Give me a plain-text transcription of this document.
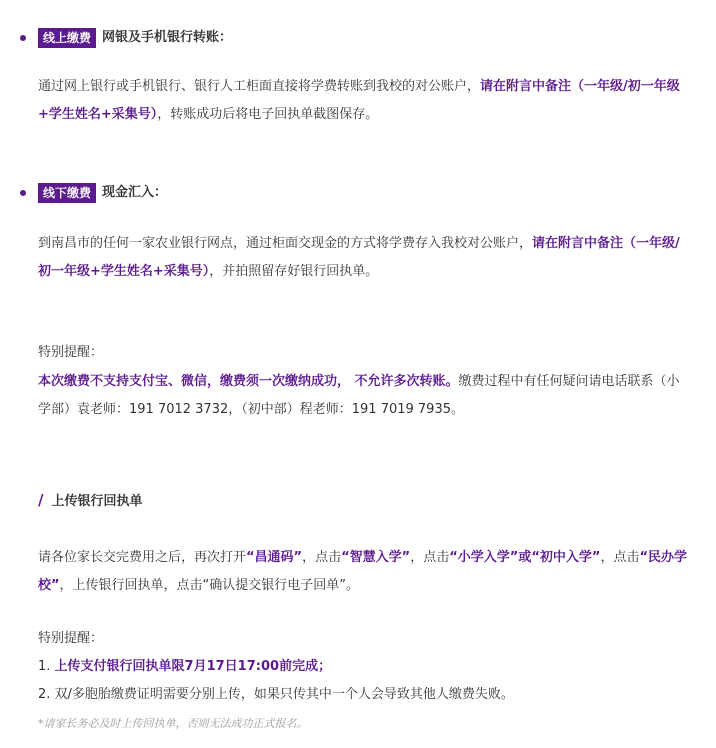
线上缴费 网银及手机银行转账：
通过网上银行或手机银行、银行人工柜面直接将学费转账到我校的对公账户，请在附言中备注（一年级/初一年级+学生姓名+采集号），转账成功后将电子回执单截图保存。
线下缴费 现金汇入：
到南昌市的任何一家农业银行网点，通过柜面交现金的方式将学费存入我校对公账户，请在附言中备注（一年级/初一年级+学生姓名+采集号），并拍照留存好银行回执单。
特别提醒：
本次缴费不支持支付宝、微信，缴费须一次缴纳成功， 不允许多次转账。缴费过程中有任何疑问请电话联系（小学部）袁老师：191 7012 3732，（初中部）程老师：191 7019 7935。
/ 上传银行回执单
请各位家长交完费用之后，再次打开“昌通码”，点击“智慧入学”，点击“小学入学”或“初中入学”，点击“民办学校”，上传银行回执单，点击“确认提交银行电子回单”。
特别提醒：
1. 上传支付银行回执单限7月17日17:00前完成；
2. 双/多胞胎缴费证明需要分别上传，如果只传其中一个人会导致其他人缴费失败。
*请家长务必及时上传回执单，否则无法成功正式报名。
